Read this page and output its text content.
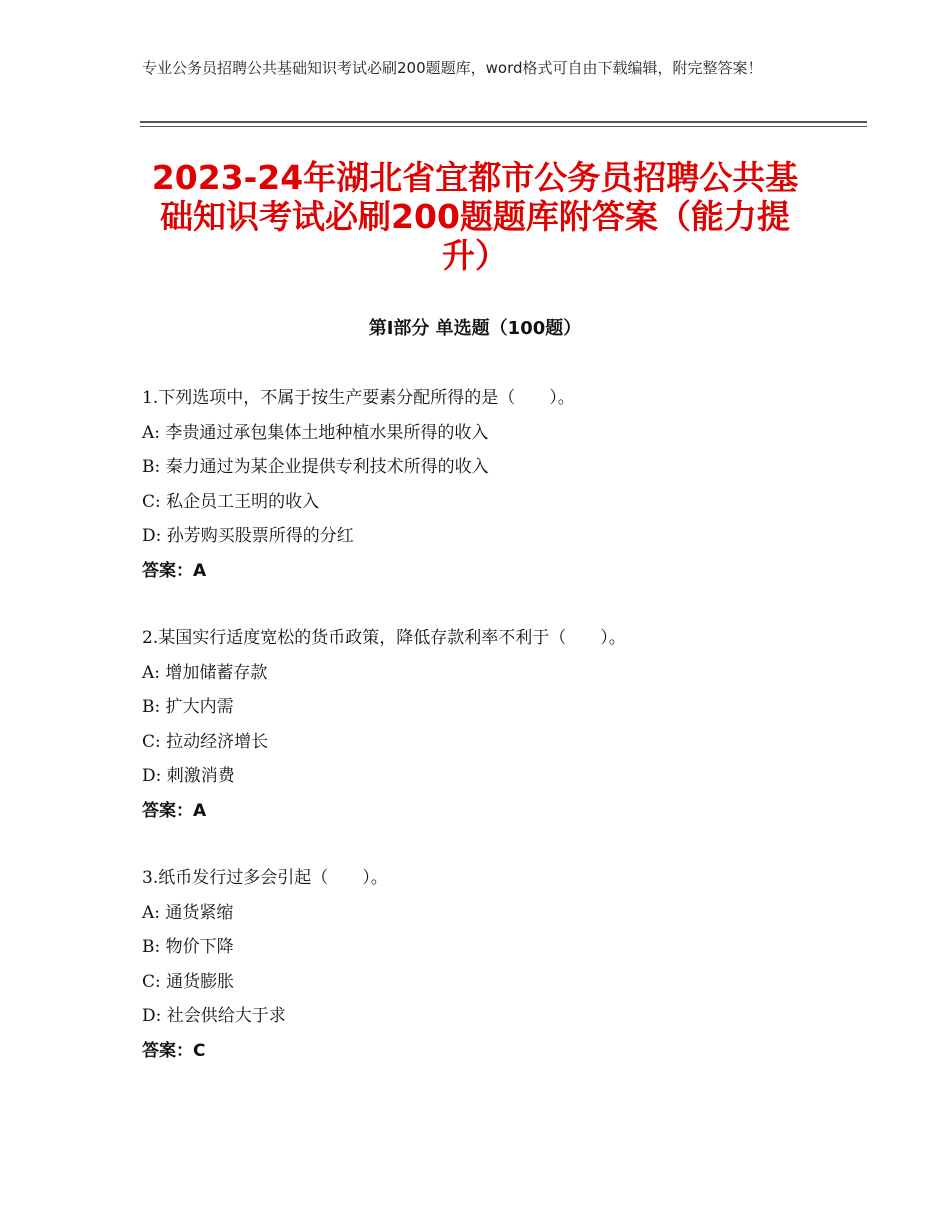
专业公务员招聘公共基础知识考试必刷200题题库，word格式可自由下载编辑，附完整答案！
2023-24年湖北省宜都市公务员招聘公共基础知识考试必刷200题题库附答案（能力提升）
第Ⅰ部分 单选题（100题）
1.下列选项中，不属于按生产要素分配所得的是（　　）。
A: 李贵通过承包集体土地种植水果所得的收入
B: 秦力通过为某企业提供专利技术所得的收入
C: 私企员工王明的收入
D: 孙芳购买股票所得的分红
答案：A
2.某国实行适度宽松的货币政策，降低存款利率不利于（　　）。
A: 增加储蓄存款
B: 扩大内需
C: 拉动经济增长
D: 刺激消费
答案：A
3.纸币发行过多会引起（　　）。
A: 通货紧缩
B: 物价下降
C: 通货膨胀
D: 社会供给大于求
答案：C
